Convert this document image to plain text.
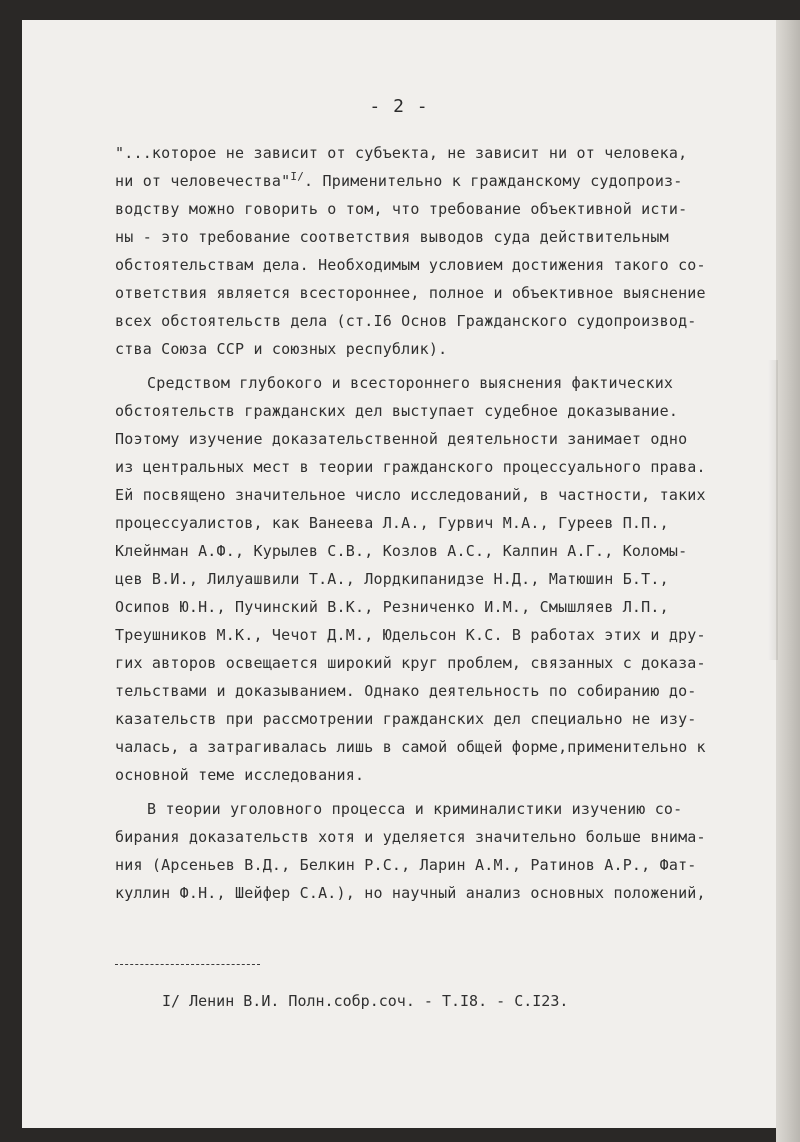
- 2 -
"...которое не зависит от субъекта, не зависит ни от человека,
ни от человечества"$^{I/}$. Применительно к гражданскому судопроиз-
водству можно говорить о том, что требование объективной исти-
ны - это требование соответствия выводов суда действительным
обстоятельствам дела. Необходимым условием достижения такого со-
ответствия является всестороннее, полное и объективное выяснение
всех обстоятельств дела (ст.I6 Основ Гражданского судопроизвод-
ства Союза ССР и союзных республик).
Средством глубокого и всестороннего выяснения фактических
обстоятельств гражданских дел выступает судебное доказывание.
Поэтому изучение доказательственной деятельности занимает одно
из центральных мест в теории гражданского процессуального права.
Ей посвящено значительное число исследований, в частности, таких
процессуалистов, как Ванеева Л.А., Гурвич М.А., Гуреев П.П.,
Клейнман А.Ф., Курылев С.В., Козлов А.С., Калпин А.Г., Коломы-
цев В.И., Лилуашвили Т.А., Лордкипанидзе Н.Д., Матюшин Б.Т.,
Осипов Ю.Н., Пучинский В.К., Резниченко И.М., Смышляев Л.П.,
Треушников М.К., Чечот Д.М., Юдельсон К.С. В работах этих и дру-
гих авторов освещается широкий круг проблем, связанных с доказа-
тельствами и доказыванием. Однако деятельность по собиранию до-
казательств при рассмотрении гражданских дел специально не изу-
чалась, а затрагивалась лишь в самой общей форме,применительно к
основной теме исследования.
В теории уголовного процесса и криминалистики изучению со-
бирания доказательств хотя и уделяется значительно больше внима-
ния (Арсеньев В.Д., Белкин Р.С., Ларин А.М., Ратинов А.Р., Фат-
куллин Ф.Н., Шейфер С.А.), но научный анализ основных положений,
I/ Ленин В.И. Полн.собр.соч. - Т.I8. - С.I23.
